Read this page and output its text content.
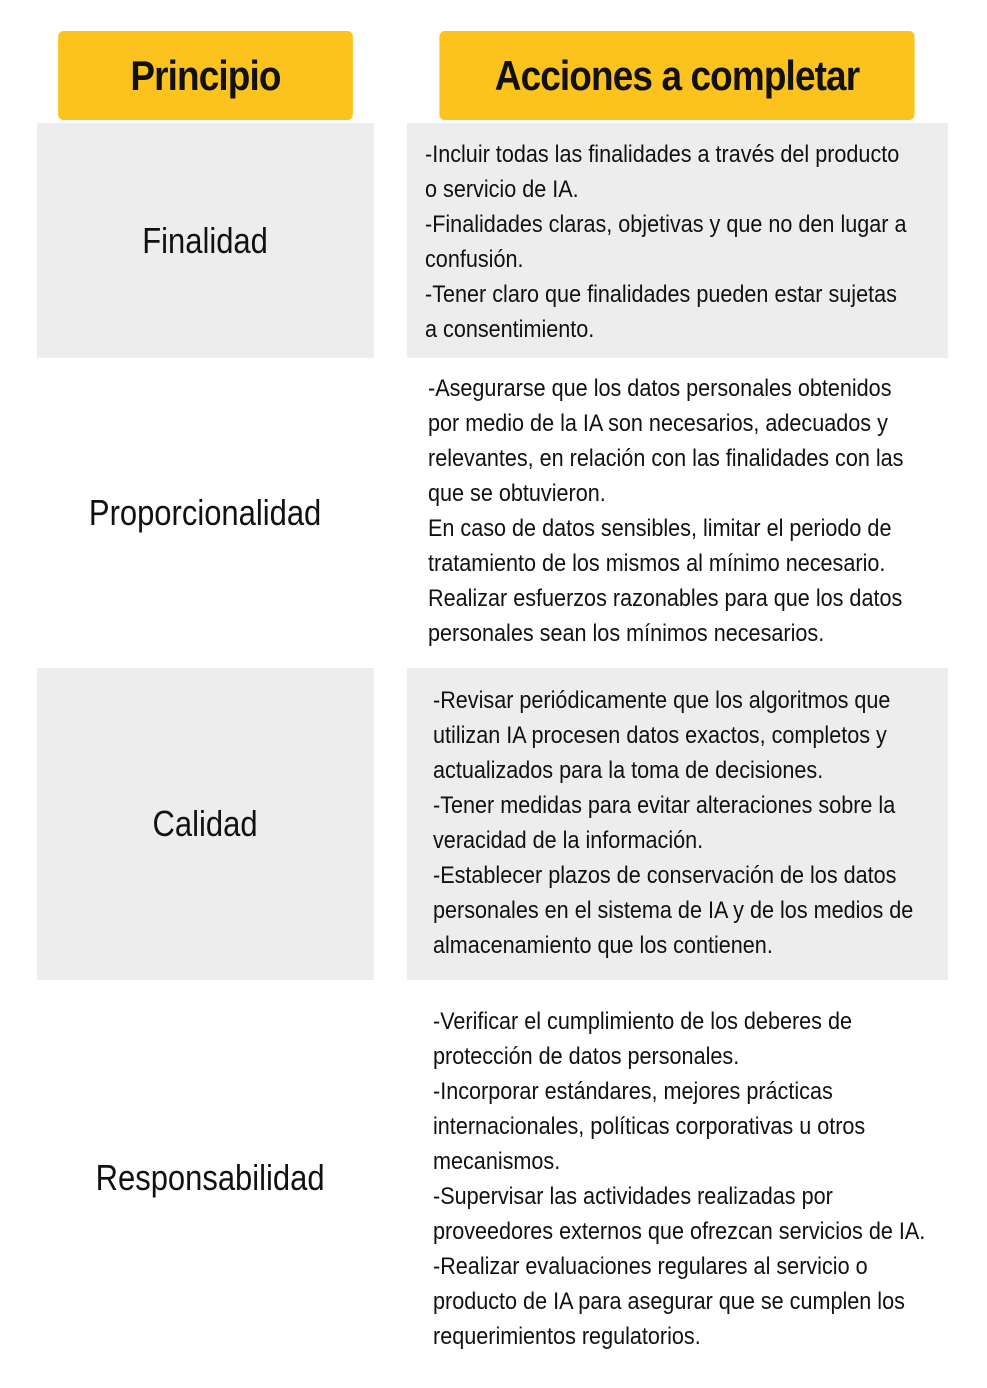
Principio	Acciones a completar
Finalidad
-Incluir todas las finalidades a través del producto
o servicio de IA.
-Finalidades claras, objetivas y que no den lugar a
confusión.
-Tener claro que finalidades pueden estar sujetas
a consentimiento.
Proporcionalidad
-Asegurarse que los datos personales obtenidos
por medio de la IA son necesarios, adecuados y
relevantes, en relación con las finalidades con las
que se obtuvieron.
En caso de datos sensibles, limitar el periodo de
tratamiento de los mismos al mínimo necesario.
Realizar esfuerzos razonables para que los datos
personales sean los mínimos necesarios.
Calidad
-Revisar periódicamente que los algoritmos que
utilizan IA procesen datos exactos, completos y
actualizados para la toma de decisiones.
-Tener medidas para evitar alteraciones sobre la
veracidad de la información.
-Establecer plazos de conservación de los datos
personales en el sistema de IA y de los medios de
almacenamiento que los contienen.
Responsabilidad
-Verificar el cumplimiento de los deberes de
protección de datos personales.
-Incorporar estándares, mejores prácticas
internacionales, políticas corporativas u otros
mecanismos.
-Supervisar las actividades realizadas por
proveedores externos que ofrezcan servicios de IA.
-Realizar evaluaciones regulares al servicio o
producto de IA para asegurar que se cumplen los
requerimientos regulatorios.
